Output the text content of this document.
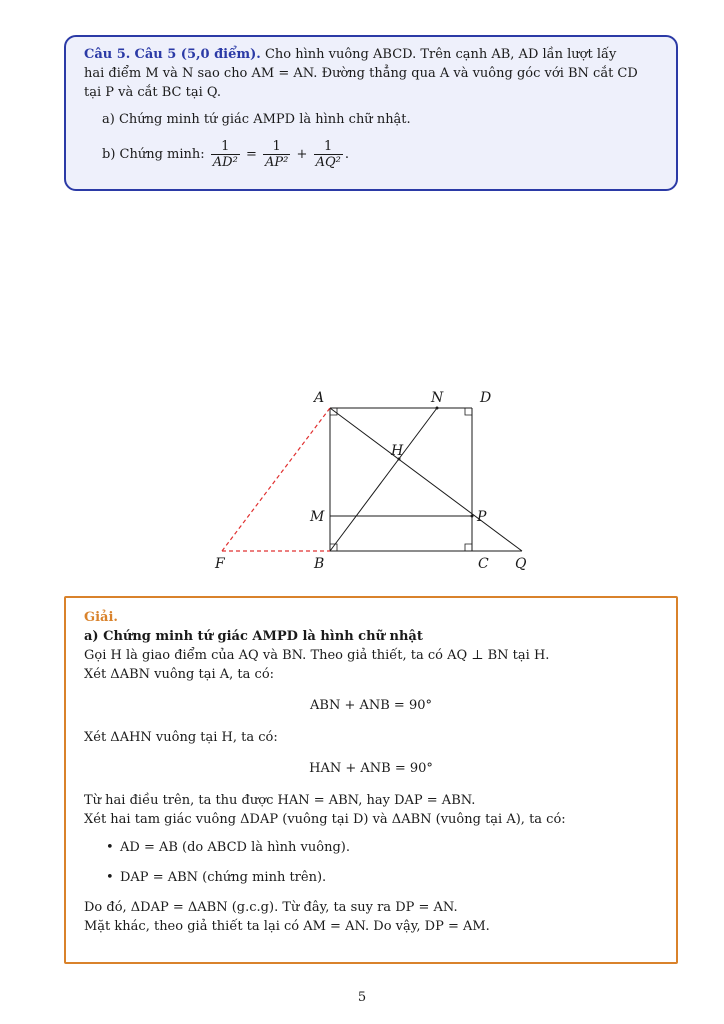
Câu 5. Câu 5 (5,0 điểm). Cho hình vuông ABCD. Trên cạnh AB, AD lần lượt lấy
hai điểm M và N sao cho AM = AN. Đường thẳng qua A và vuông góc với BN cắt CD
tại P và cắt BC tại Q.
a) Chứng minh tứ giác AMPD là hình chữ nhật.
b) Chứng minh: $\frac{1}{\text{AD²}} = \frac{1}{\text{AP²}} + \frac{1}{\text{AQ²}}$ .
A	N	D
H
M	P
F	B	C Q
Giải.
a) Chứng minh tứ giác AMPD là hình chữ nhật
Gọi H là giao điểm của AQ và BN. Theo giả thiết, ta có AQ ⊥ BN tại H.
Xét ΔABN vuông tại A, ta có:
ABN + ANB = 90°
Xét ΔAHN vuông tại H, ta có:
HAN + ANB = 90°
Từ hai điều trên, ta thu được HAN = ABN, hay DAP = ABN.
Xét hai tam giác vuông ΔDAP (vuông tại D) và ΔABN (vuông tại A), ta có:
• AD = AB (do ABCD là hình vuông).
• DAP = ABN (chứng minh trên).
Do đó, ΔDAP = ΔABN (g.c.g). Từ đây, ta suy ra DP = AN.
Mặt khác, theo giả thiết ta lại có AM = AN. Do vậy, DP = AM.
5
